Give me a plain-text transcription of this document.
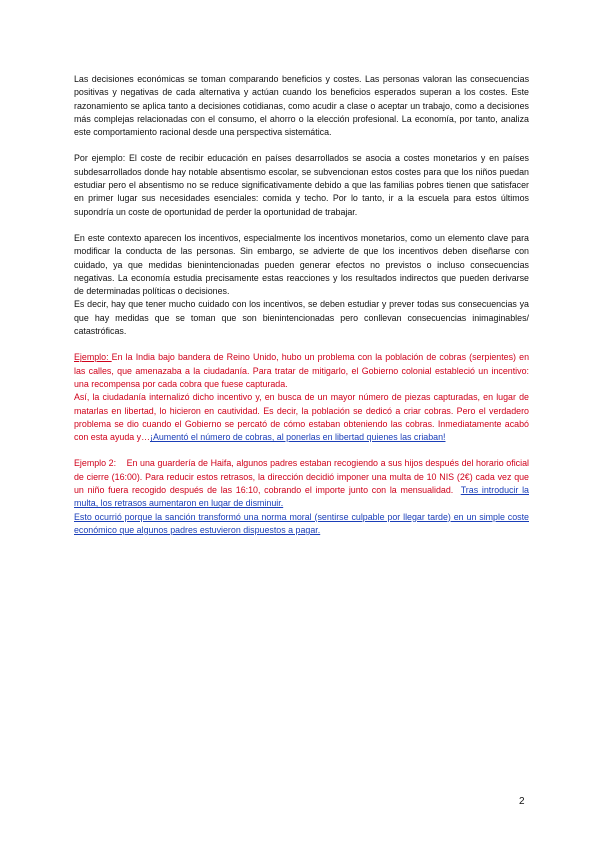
Las decisiones económicas se toman comparando beneficios y costes. Las personas valoran las consecuencias positivas y negativas de cada alternativa y actúan cuando los beneficios esperados superan a los costes. Este razonamiento se aplica tanto a decisiones cotidianas, como acudir a clase o aceptar un trabajo, como a decisiones más complejas relacionadas con el consumo, el ahorro o la elección profesional. La economía, por tanto, analiza este comportamiento racional desde una perspectiva sistemática.

Por ejemplo: El coste de recibir educación en países desarrollados se asocia a costes monetarios y en países subdesarrollados donde hay notable absentismo escolar, se subvencionan estos costes para que los niños puedan estudiar pero el absentismo no se reduce significativamente debido a que las familias pobres tienen que satisfacer en primer lugar sus necesidades esenciales: comida y techo. Por lo tanto, ir a la escuela para estos últimos supondría un coste de oportunidad de perder la oportunidad de trabajar.

En este contexto aparecen los incentivos, especialmente los incentivos monetarios, como un elemento clave para modificar la conducta de las personas. Sin embargo, se advierte de que los incentivos deben diseñarse con cuidado, ya que medidas bienintencionadas pueden generar efectos no previstos o incluso consecuencias negativas. La economía estudia precisamente estas reacciones y los resultados indirectos que pueden derivarse de determinadas políticas o decisiones.

Es decir, hay que tener mucho cuidado con los incentivos, se deben estudiar y prever todas sus consecuencias ya que hay medidas que se toman que son bienintencionadas pero conllevan consecuencias inimaginables/ catastróficas.

Ejemplo: En la India bajo bandera de Reino Unido, hubo un problema con la población de cobras (serpientes) en las calles, que amenazaba a la ciudadanía. Para tratar de mitigarlo, el Gobierno colonial estableció un incentivo: una recompensa por cada cobra que fuese capturada.

Así, la ciudadanía internalizó dicho incentivo y, en busca de un mayor número de piezas capturadas, en lugar de matarlas en libertad, lo hicieron en cautividad. Es decir, la población se dedicó a criar cobras. Pero el verdadero problema se dio cuando el Gobierno se percató de cómo estaban obteniendo las cobras. Inmediatamente acabó con esta ayuda y…¡Aumentó el número de cobras, al ponerlas en libertad quienes las criaban!

Ejemplo 2: En una guardería de Haifa, algunos padres estaban recogiendo a sus hijos después del horario oficial de cierre (16:00). Para reducir estos retrasos, la dirección decidió imponer una multa de 10 NIS (2€) cada vez que un niño fuera recogido después de las 16:10, cobrando el importe junto con la mensualidad. Tras introducir la multa, los retrasos aumentaron en lugar de disminuir.

Esto ocurrió porque la sanción transformó una norma moral (sentirse culpable por llegar tarde) en un simple coste económico que algunos padres estuvieron dispuestos a pagar.

2
